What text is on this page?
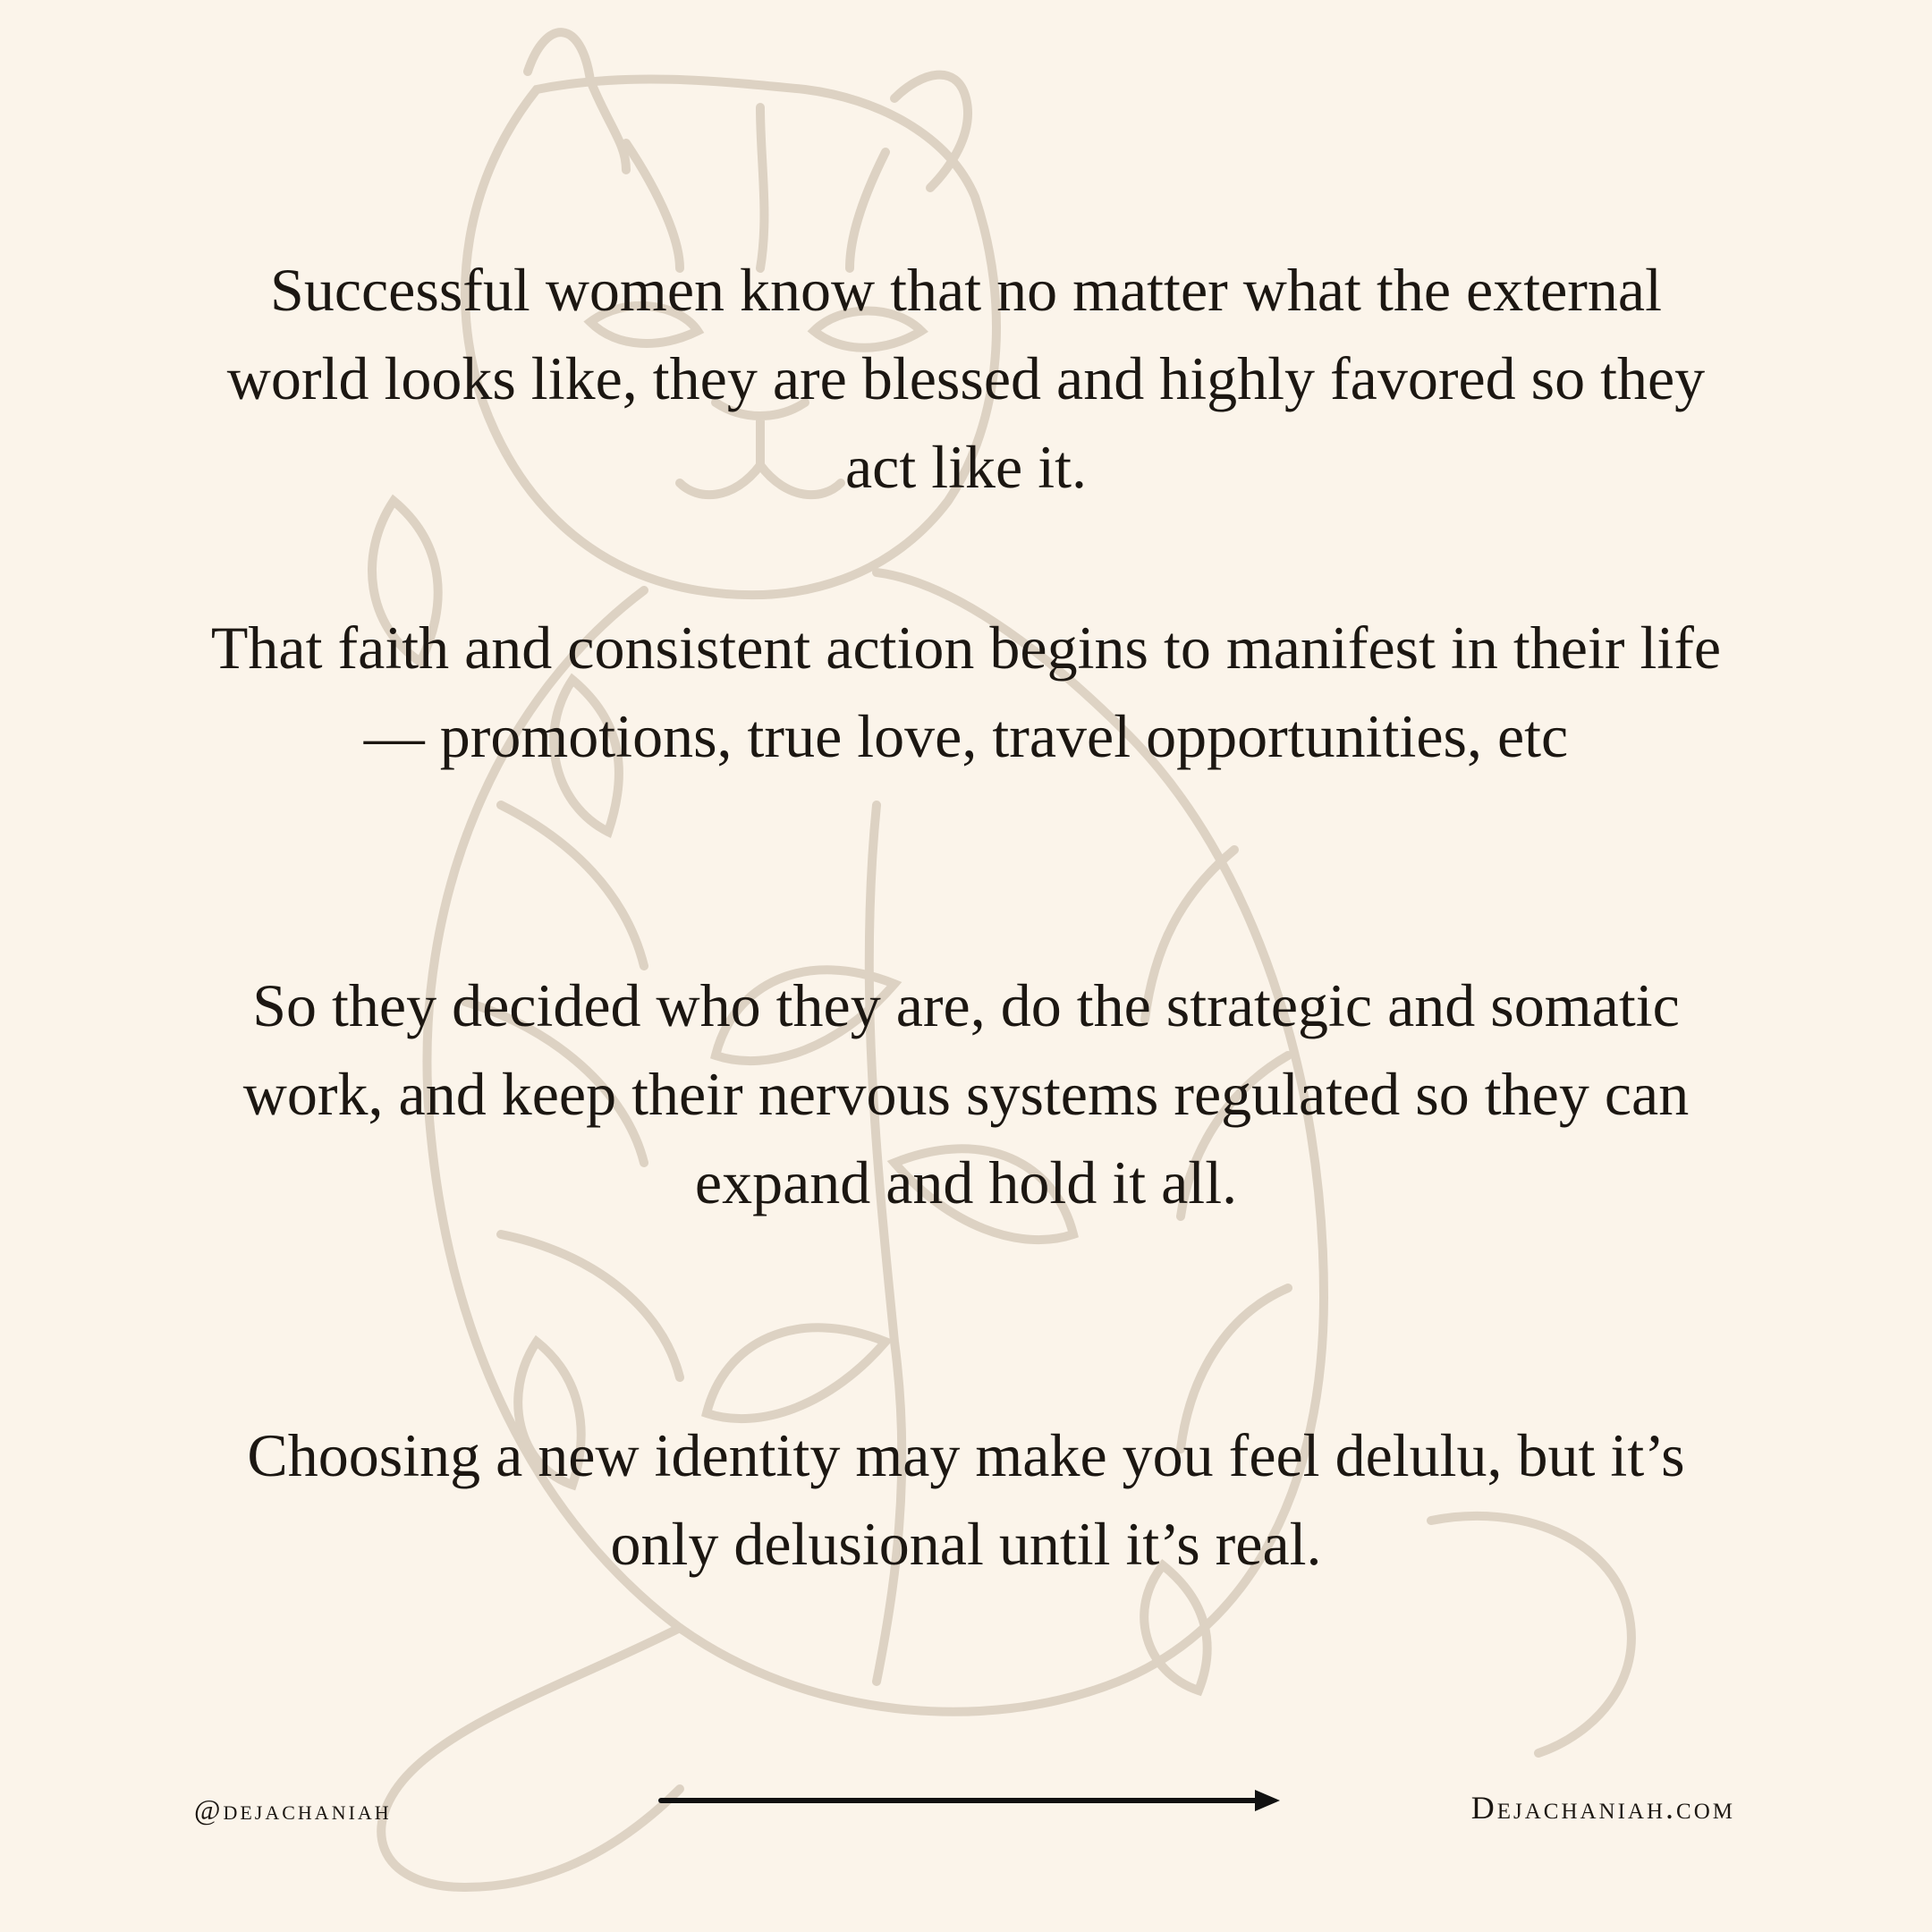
Successful women know that no matter what the external world looks like, they are blessed and highly favored so they act like it.

That faith and consistent action begins to manifest in their life — promotions, true love, travel opportunities, etc

So they decided who they are, do the strategic and somatic work, and keep their nervous systems regulated so they can expand and hold it all.

Choosing a new identity may make you feel delulu, but it’s only delusional until it’s real.

@dejachaniah	Dejachaniah.com
